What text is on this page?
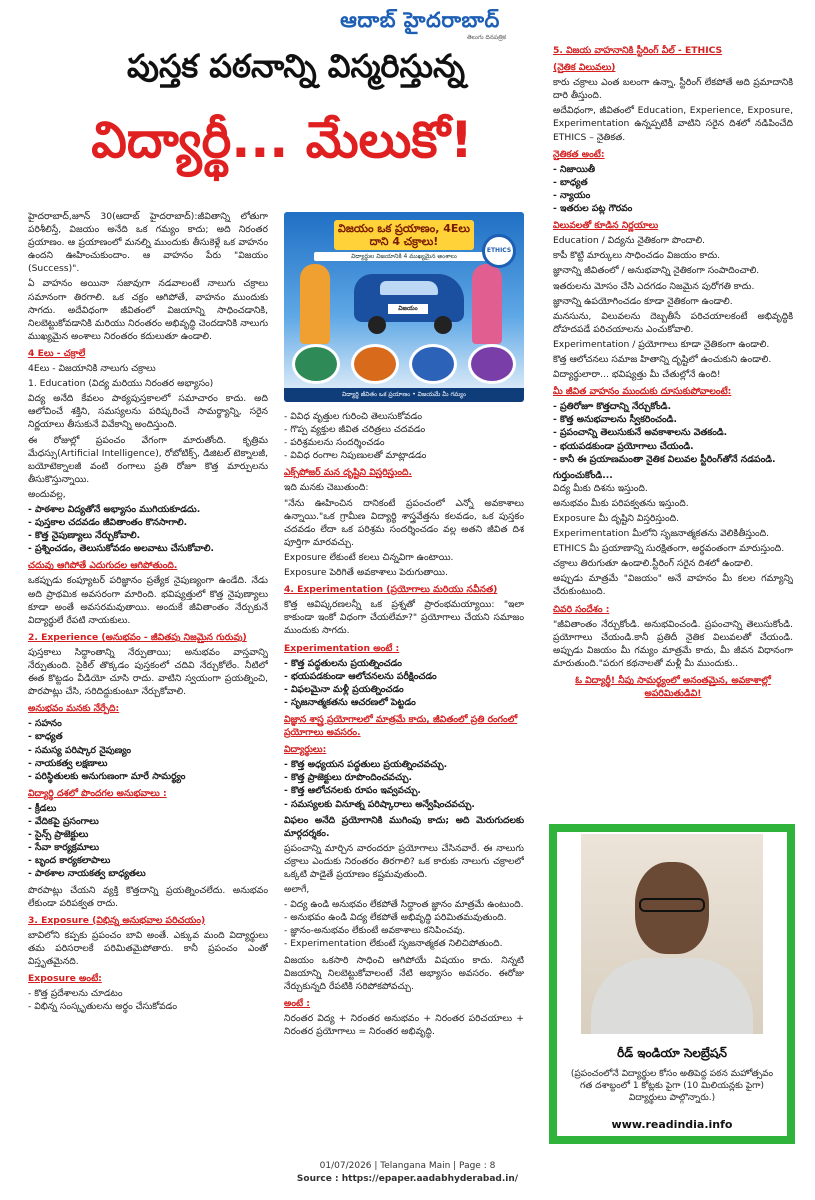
ఆదాబ్ హైదరాబాద్
తెలుగు దినపత్రిక
పుస్తక పఠనాన్ని విస్మరిస్తున్న
విద్యార్థీ... మేలుకో!

హైదరాబాద్,జూన్ 30(ఆదాబ్ హైదరాబాద్):జీవితాన్ని లోతుగా పరిశీలిస్తే, విజయం అనేది ఒక గమ్యం కాదు; అది నిరంతర ప్రయాణం. ఆ ప్రయాణంలో మనల్ని ముందుకు తీసుకెళ్లే ఒక వాహనం ఉందని ఊహించుకుందాం. ఆ వాహనం పేరు "విజయం (Success)".

ఏ వాహనం అయినా సజావుగా నడవాలంటే నాలుగు చక్రాలు సమానంగా తిరగాలి. ఒక చక్రం ఆగిపోతే, వాహనం ముందుకు సాగదు. అదేవిధంగా జీవితంలో విజయాన్ని సాధించడానికి, నిలబెట్టుకోవడానికి మరియు నిరంతరం అభివృద్ధి చెందడానికి నాలుగు ముఖ్యమైన అంశాలు నిరంతరం కదులుతూ ఉండాలి.

4 Eలు - చక్రాలే

4Eలు - విజయానికి నాలుగు చక్రాలు

1. Education (విద్య మరియు నిరంతర అభ్యాసం)

విద్య అనేది కేవలం పాఠ్యపుస్తకాలలో సమాచారం కాదు. అది ఆలోచించే శక్తిని, సమస్యలను పరిష్కరించే సామర్థ్యాన్ని, సరైన నిర్ణయాలు తీసుకునే వివేకాన్ని అందిస్తుంది.

ఈ రోజుల్లో ప్రపంచం వేగంగా మారుతోంది. కృత్రిమ మేధస్సు(Artificial Intelligence), రోబోటిక్స్, డిజిటల్ టెక్నాలజీ, బయోటెక్నాలజీ వంటి రంగాలు ప్రతి రోజూ కొత్త మార్పులను తీసుకొస్తున్నాయి.

అందువల్ల,

- పాఠశాల విద్యతోనే అభ్యాసం ముగియకూడదు.
- పుస్తకాల చదవడం జీవితాంతం కొనసాగాలి.
- కొత్త నైపుణ్యాలు నేర్చుకోవాలి.
- ప్రశ్నించడం, తెలుసుకోవడం అలవాటు చేసుకోవాలి.
చదువు ఆగిపోతే ఎదుగుదల ఆగిపోతుంది.

ఒకప్పుడు కంప్యూటర్ పరిజ్ఞానం ప్రత్యేక నైపుణ్యంగా ఉండేది. నేడు అది ప్రాథమిక అవసరంగా మారింది. భవిష్యత్తులో కొత్త నైపుణ్యాలు కూడా అంతే అవసరమవుతాయి. అందుకే జీవితాంతం నేర్చుకునే విద్యార్థులే రేపటి నాయకులు.

2. Experience (అనుభవం - జీవితపు నిజమైన గురువు)

పుస్తకాలు సిద్ధాంతాన్ని నేర్పుతాయి; అనుభవం వాస్తవాన్ని నేర్పుతుంది. సైకిల్ తొక్కడం పుస్తకంలో చదివి నేర్చుకోలేం. నీటిలో ఈత కొట్టడం వీడియో చూసి రాదు. వాటిని స్వయంగా ప్రయత్నించి, పొరపాట్లు చేసి, సరిదిద్దుకుంటూ నేర్చుకోవాలి.

అనుభవం మనకు నేర్పేది:
- సహనం
- బాధ్యత
- సమస్య పరిష్కార నైపుణ్యం
- నాయకత్వ లక్షణాలు
- పరిస్థితులకు అనుగుణంగా మారే సామర్థ్యం
విద్యార్థి దశలో పొందగల అనుభవాలు :
- క్రీడలు
- వేదికపై ప్రసంగాలు
- సైన్స్ ప్రాజెక్టులు
- సేవా కార్యక్రమాలు
- బృంద కార్యకలాపాలు
- పాఠశాల నాయకత్వ బాధ్యతలు

పొరపాట్లు చేయని వ్యక్తి కొత్తదాన్ని ప్రయత్నించలేదు. అనుభవం లేకుండా పరిపక్వత రాదు.

3. Exposure (విభిన్న అనుభవాల పరిచయం)

బావిలోని కప్పకు ప్రపంచం బావి అంతే. ఎక్కువ మంది విద్యార్థులు తమ పరిసరాలకే పరిమితమైపోతారు. కానీ ప్రపంచం ఎంతో విస్తృతమైనది.

Exposure అంటే:
- కొత్త ప్రదేశాలను చూడటం
- విభిన్న సంస్కృతులను అర్థం చేసుకోవడం
విజయం ఒక ప్రయాణం, 4Eలు దాని 4 చక్రాలు!
విద్యార్థుల విజయానికి 4 ముఖ్యమైన అంశాలు
ETHICS
విజయం
విద్యార్థి జీవితం ఒక ప్రయాణం • విజయమే మీ గమ్యం
- వివిధ వృత్తుల గురించి తెలుసుకోవడం
- గొప్ప వ్యక్తుల జీవిత చరిత్రలు చదవడం
- పరిశ్రమలను సందర్శించడం
- వివిధ రంగాల నిపుణులతో మాట్లాడడం
ఎక్స్‌పోజర్ మన దృష్టిని విస్తరిస్తుంది.

ఇది మనకు చెబుతుంది:

"నేను ఊహించిన దానికంటే ప్రపంచంలో ఎన్నో అవకాశాలు ఉన్నాయి."ఒక గ్రామీణ విద్యార్థి శాస్త్రవేత్తను కలవడం, ఒక పుస్తకం చదవడం లేదా ఒక పరిశ్రమ సందర్శించడం వల్ల అతని జీవిత దిశ పూర్తిగా మారవచ్చు.

Exposure లేకుంటే కలలు చిన్నవిగా ఉంటాయి.

Exposure పెరిగితే అవకాశాలు పెరుగుతాయి.

4. Experimentation (ప్రయోగాలు మరియు నవీనత)

కొత్త ఆవిష్కరణలన్నీ ఒక ప్రశ్నతో ప్రారంభమయ్యాయి: "ఇలా కాకుండా ఇంకో విధంగా చేయలేమా?" ప్రయోగాలు చేయని సమాజం ముందుకు సాగదు.

Experimentation అంటే :
- కొత్త పద్ధతులను ప్రయత్నించడం
- భయపడకుండా ఆలోచనలను పరీక్షించడం
- విఫలమైనా మళ్లీ ప్రయత్నించడం
- సృజనాత్మకతను ఆచరణలో పెట్టడం
విజ్ఞాన శాస్త్ర ప్రయోగాలలో మాత్రమే కాదు, జీవితంలో ప్రతి రంగంలో ప్రయోగాలు అవసరం.
విద్యార్థులు:
- కొత్త అధ్యయన పద్ధతులు ప్రయత్నించవచ్చు.
- కొత్త ప్రాజెక్టులు రూపొందించవచ్చు.
- కొత్త ఆలోచనలకు రూపం ఇవ్వవచ్చు.
- సమస్యలకు వినూత్న పరిష్కారాలు అన్వేషించవచ్చు.

విఫలం అనేది ప్రయోగానికి ముగింపు కాదు; అది మెరుగుదలకు మార్గదర్శకం.

ప్రపంచాన్ని మార్చిన వారందరూ ప్రయోగాలు చేసినవారే. ఈ నాలుగు చక్రాలు ఎందుకు నిరంతరం తిరగాలి? ఒక కారుకు నాలుగు చక్రాలలో ఒక్కటి పాడైతే ప్రయాణం కష్టమవుతుంది.

అలాగే,

- విద్య ఉండి అనుభవం లేకపోతే సిద్ధాంత జ్ఞానం మాత్రమే ఉంటుంది.
- అనుభవం ఉండి విద్య లేకపోతే అభివృద్ధి పరిమితమవుతుంది.
- జ్ఞానం-అనుభవం లేకుంటే అవకాశాలు కనిపించవు.
- Experimentation లేకుంటే సృజనాత్మకత నిలిచిపోతుంది.

విజయం ఒకసారి సాధించి ఆగిపోయే విషయం కాదు. నిన్నటి విజయాన్ని నిలబెట్టుకోవాలంటే నేటి అభ్యాసం అవసరం. ఈరోజు నేర్చుకున్నది రేపటికి సరిపోకపోవచ్చు.

అంటే :

నిరంతర విద్య + నిరంతర అనుభవం + నిరంతర పరిచయాలు + నిరంతర ప్రయోగాలు = నిరంతర అభివృద్ధి.

5. విజయ వాహనానికి స్టీరింగ్ వీల్ - ETHICS
(నైతిక విలువలు)

కారు చక్రాలు ఎంత బలంగా ఉన్నా, స్టీరింగ్ లేకపోతే అది ప్రమాదానికి దారి తీస్తుంది.

అదేవిధంగా, జీవితంలో Education, Experience, Exposure, Experimentation ఉన్నప్పటికీ వాటిని సరైన దిశలో నడిపించేది ETHICS – నైతికత.

నైతికత అంటే:
- నిజాయితీ
- బాధ్యత
- న్యాయం
- ఇతరుల పట్ల గౌరవం
విలువలతో కూడిన నిర్ణయాలు

Education / విద్యను నైతికంగా పొందాలి.

కాపీ కొట్టి మార్కులు సాధించడం విజయం కాదు.

జ్ఞానాన్ని జీవితంలో / అనుభవాన్ని నైతికంగా సంపాదించాలి.

ఇతరులను మోసం చేసి ఎదగడం నిజమైన పురోగతి కాదు.

జ్ఞానాన్ని ఉపయోగించడం కూడా నైతికంగా ఉండాలి.

మనసును, విలువలను దెబ్బతీసే పరిచయాలకంటే అభివృద్ధికి దోహదపడే పరిచయాలను ఎంచుకోవాలి.

Experimentation / ప్రయోగాలు కూడా నైతికంగా ఉండాలి.

కొత్త ఆలోచనలు సమాజ హితాన్ని దృష్టిలో ఉంచుకుని ఉండాలి.

విద్యార్థులారా... భవిష్యత్తు మీ చేతుల్లోనే ఉంది!

మీ జీవిత వాహనం ముందుకు దూసుకుపోవాలంటే:
- ప్రతిరోజూ కొత్తదాన్ని నేర్చుకోండి.
- కొత్త అనుభవాలను స్వీకరించండి.
- ప్రపంచాన్ని తెలుసుకునే అవకాశాలను వెతకండి.
- భయపడకుండా ప్రయోగాలు చేయండి.
- కానీ ఈ ప్రయాణమంతా నైతిక విలువల స్టీరింగ్‌తోనే నడపండి.
గుర్తుంచుకోండి...

విద్య మీకు దిశను ఇస్తుంది.

అనుభవం మీకు పరిపక్వతను ఇస్తుంది.

Exposure మీ దృష్టిని విస్తరిస్తుంది.

Experimentation మీలోని సృజనాత్మకతను వెలికితీస్తుంది.

ETHICS మీ ప్రయాణాన్ని సురక్షితంగా, అర్థవంతంగా మారుస్తుంది.

చక్రాలు తిరుగుతూ ఉండాలి.స్టీరింగ్ సరైన దిశలో ఉండాలి.

అప్పుడు మాత్రమే "విజయం" అనే వాహనం మీ కలల గమ్యాన్ని చేరుకుంటుంది.

చివరి సందేశం :

"జీవితాంతం నేర్చుకోండి. అనుభవించండి. ప్రపంచాన్ని తెలుసుకోండి. ప్రయోగాలు చేయండి.కానీ ప్రతిదీ నైతిక విలువలతో చేయండి. అప్పుడు విజయం మీ గమ్యం మాత్రమే కాదు, మీ జీవన విధానంగా మారుతుంది."పరుగ కథనాలతో మళ్లీ మీ ముందుకు..

ఓ విద్యార్థీ! నీపు సామర్థ్యంలో అనంతమైన, అవకాశాల్లో అపరిమితుడివి!
రీడ్ ఇండియా సెలబ్రేషన్
(ప్రపంచంలోనే విద్యార్థుల కోసం అతిపెద్ద పఠన మహోత్సవం గత దశాబ్దంలో 1 కోట్లకు పైగా (10 మిలియన్లకు పైగా) విద్యార్థులు పాల్గొన్నారు.)
www.readindia.info
01/07/2026 | Telangana Main | Page : 8
Source : https://epaper.aadabhyderabad.in/
